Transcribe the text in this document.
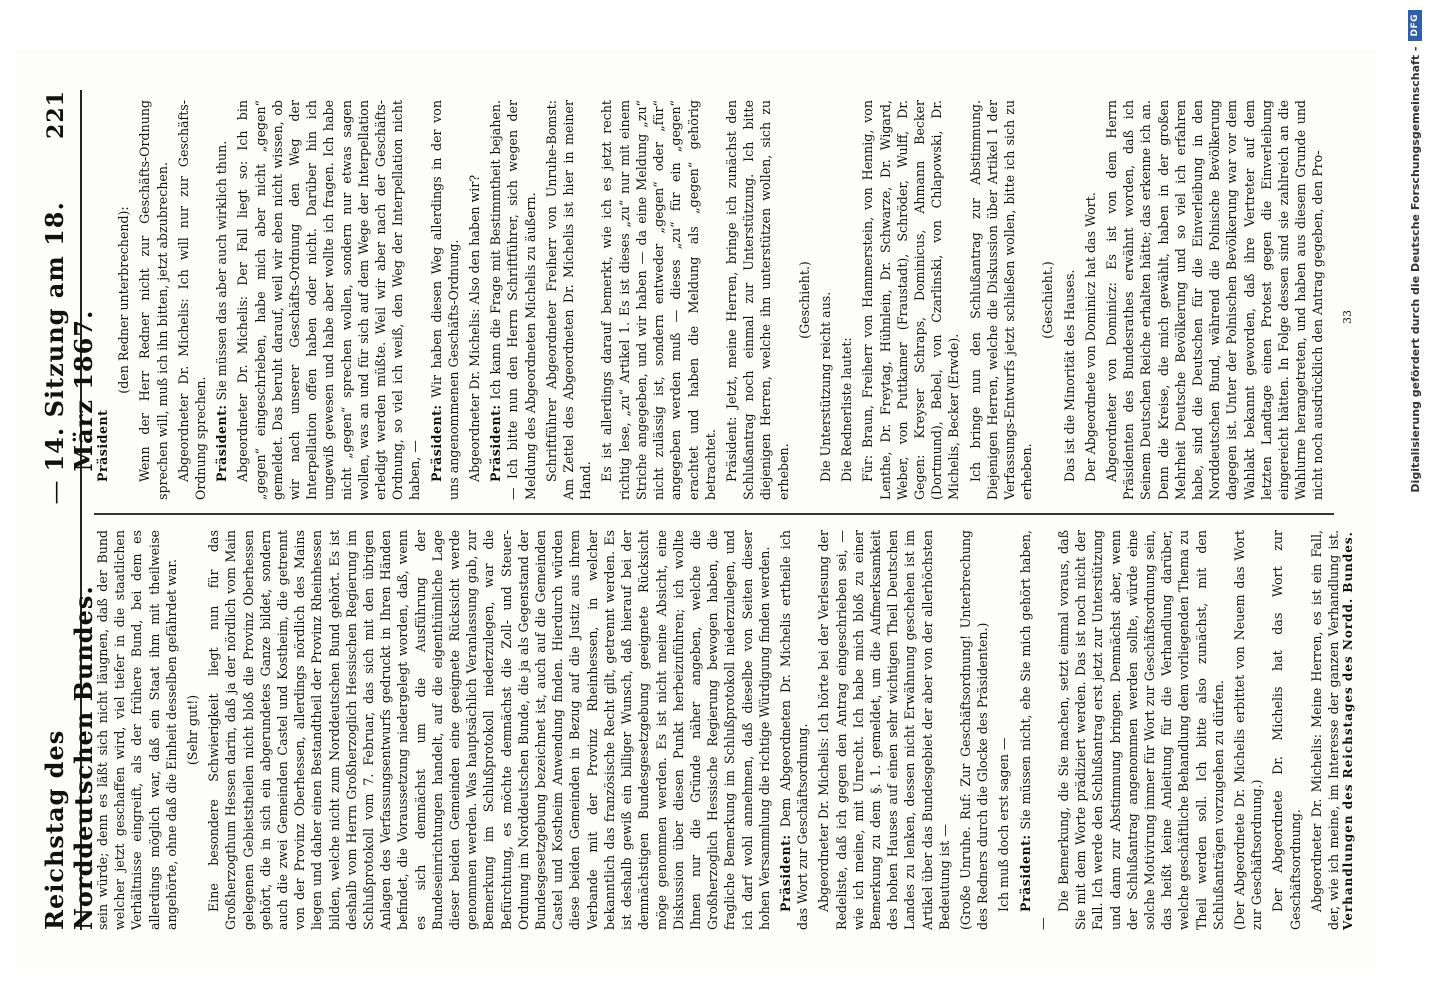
Reichstag des Norddeutschen Bundes.
—
14. Sitzung am 18. März 1867.
221

sein würde; denn es läßt sich nicht läugnen, daß der Bund welcher jetzt geschaffen wird, viel tiefer in die staatlichen Verhältnisse eingreift, als der frühere Bund, bei dem es allerdings möglich war, daß ein Staat ihm mit theilweise angehörte, ohne daß die Einheit desselben gefährdet war. (Sehr gut!) Eine besondere Schwierigkeit liegt nun für das Großherzogthum Hessen darin, daß ja der nördlich vom Main gelegenen Gebietstheilen nicht bloß die Provinz Oberhessen gehört, die in sich ein abgerundetes Ganze bildet, sondern auch die zwei Gemeinden Castel und Kostheim, die getrennt von der Provinz Oberhessen, allerdings nördlich des Mains liegen und daher einen Bestandtheil der Provinz Rheinhessen bilden, welche nicht zum Norddeutschen Bund gehört. Es ist deshalb vom Herrn Großherzoglich Hessischen Regierung im Schlußprotokoll vom 7. Februar, das sich mit den übrigen Anlagen des Verfassungsentwurfs gedruckt in Ihren Händen befindet, die Voraussetzung niedergelegt worden, daß, wenn es sich demnächst um die Ausführung der Bundeseinrichtungen handelt, auf die eigenthümliche Lage dieser beiden Gemeinden eine geeignete Rücksicht werde genommen werden. Was hauptsächlich Veranlassung gab, zur Bemerkung im Schlußprotokoll niederzulegen, war die Befürchtung, es möchte demnächst die Zoll- und Steuer-Ordnung im Norddeutschen Bunde, die ja als Gegenstand der Bundesgesetzgebung bezeichnet ist, auch auf die Gemeinden Castel und Kostheim Anwendung finden. Hierdurch würden diese beiden Gemeinden in Bezug auf die Justiz aus ihrem Verbande mit der Provinz Rheinhessen, in welcher bekanntlich das französische Recht gilt, getrennt werden. Es ist deshalb gewiß ein billiger Wunsch, daß hierauf bei der demnächstigen Bundesgesetzgebung geeignete Rücksicht möge genommen werden. Es ist nicht meine Absicht, eine Diskussion über diesen Punkt herbeizuführen; ich wollte Ihnen nur die Gründe näher angeben, welche die Großherzoglich Hessische Regierung bewogen haben, die fragliche Bemerkung im Schlußprotokoll niederzulegen, und ich darf wohl annehmen, daß dieselbe von Seiten dieser hohen Versammlung die richtige Würdigung finden werden. Präsident: Dem Abgeordneten Dr. Michelis ertheile ich das Wort zur Geschäftsordnung. Abgeordneter Dr. Michelis: Ich hörte bei der Verlesung der Redeliste, daß ich gegen den Antrag eingeschrieben sei, — wie ich meine, mit Unrecht. Ich habe mich bloß zu einer Bemerkung zu dem §. 1. gemeldet, um die Aufmerksamkeit des hohen Hauses auf einen sehr wichtigen Theil Deutschen Landes zu lenken, dessen nicht Erwähnung geschehen ist im Artikel über das Bundesgebiet der aber von der allerhöchsten Bedeutung ist — (Große Unruhe. Ruf: Zur Geschäftsordnung! Unterbrechung des Redners durch die Glocke des Präsidenten.) Ich muß doch erst sagen — Präsident: Sie müssen nicht, ehe Sie mich gehört haben, —

Die Bemerkung, die Sie machen, setzt einmal voraus, daß Sie mit dem Worte prädiziert werden. Das ist noch nicht der Fall. Ich werde den Schlußantrag erst jetzt zur Unterstützung und dann zur Abstimmung bringen. Demnächst aber, wenn der Schlußantrag angenommen werden sollte, würde eine solche Motivirung immer für Wort zur Geschäftsordnung sein, das heißt keine Anleitung für die Verhandlung darüber, welche geschäftliche Behandlung dem vorliegenden Thema zu Theil werden soll. Ich bitte also zunächst, mit den Schlußanträgen vorzugehen zu dürfen. (Der Abgeordnete Dr. Michelis erbittet von Neuem das Wort zur Geschäftsordnung.) Der Abgeordnete Dr. Michelis hat das Wort zur Geschäftsordnung. Abgeordneter Dr. Michelis: Meine Herren, es ist ein Fall, der, wie ich meine, im Interesse der ganzen Verhandlung ist.

Präsident

(den Redner unterbrechend): Wenn der Herr Redner nicht zur Geschäfts-Ordnung sprechen will, muß ich ihn bitten, jetzt abzubrechen. Abgeordneter Dr. Michelis: Ich will nur zur Geschäfts-Ordnung sprechen. Präsident: Sie müssen das aber auch wirklich thun. Abgeordneter Dr. Michelis: Der Fall liegt so: Ich bin „gegen“ eingeschrieben, habe mich aber nicht „gegen“ gemeldet. Das beruht darauf, weil wir eben nicht wissen, ob wir nach unserer Geschäfts-Ordnung den Weg der Interpellation offen haben oder nicht. Darüber hin ich ungewiß gewesen und habe aber wollte ich fragen. Ich habe nicht „gegen“ sprechen wollen, sondern nur etwas sagen wollen, was an und für sich auf dem Wege der Interpellation erledigt werden müßte. Weil wir aber nach der Geschäfts-Ordnung, so viel ich weiß, den Weg der Interpellation nicht haben, — Präsident: Wir haben diesen Weg allerdings in der von uns angenommenen Geschäfts-Ordnung. Abgeordneter Dr. Michelis: Also den haben wir? Präsident: Ich kann die Frage mit Bestimmtheit bejahen. — Ich bitte nun den Herrn Schriftführer, sich wegen der Meldung des Abgeordneten Michelis zu äußern. Schriftführer Abgeordneter Freiherr von Unruhe-Bomst: Am Zettel des Abgeordneten Dr. Michelis ist hier in meiner Hand. Es ist allerdings darauf bemerkt, wie ich es jetzt recht richtig lese, „zu“ Artikel 1. Es ist dieses „zu“ nur mit einem Striche angegeben, und wir haben — da eine Meldung „zu“ nicht zulässig ist, sondern entweder „gegen“ oder „für“ angegeben werden muß — dieses „zu“ für ein „gegen“ erachtet und haben die Meldung als „gegen“ gehörig betrachtet. Präsident: Jetzt, meine Herren, bringe ich zunächst den Schlußantrag noch einmal zur Unterstützung. Ich bitte diejenigen Herren, welche ihn unterstützen wollen, sich zu erheben.

(Geschieht.) Die Unterstützung reicht aus. Die Rednerliste lautet: Für: Braun, Freiherr von Hammerstein, von Hennig, von Lenthe, Dr. Freytag, Hühnlein, Dr. Schwarze, Dr. Wigard, Weber, von Puttkamer (Fraustadt), Schröder, Wulff, Dr. Gegen: Kreyser Schraps, Dominicus, Ahmann Becker (Dortmund), Bebel, von Czarlinski, von Chlapowski, Dr. Michelis, Becker (Erwde). Ich bringe nun den Schlußantrag zur Abstimmung. Diejenigen Herren, welche die Diskussion über Artikel 1 der Verfassungs-Entwurfs jetzt schließen wollen, bitte ich sich zu erheben.

(Geschieht.) Das ist die Minorität des Hauses. Der Abgeordnete von Dominicz hat das Wort. Abgeordneter von Dominicz: Es ist von dem Herrn Präsidenten des Bundesrathes erwähnt worden, daß ich Seinem Deutschen Reiche erhalten hätte; das erkenne ich an. Denn die Kreise, die mich gewählt, haben in der großen Mehrheit Deutsche Bevölkerung und so viel ich erfahren habe, sind die Deutschen für die Einverleibung in den Norddeutschen Bund, während die Polnische Bevölkerung dagegen ist. Unter der Polnischen Bevölkerung war vor dem Wahlakt bekannt geworden, daß ihre Vertreter auf dem letzten Landtage einen Protest gegen die Einverleibung eingereicht hätten. In Folge dessen sind sie zahlreich an die Wahlurne herangetreten, und haben aus diesem Grunde und nicht noch ausdrücklich den Antrag gegeben, den Pro-

Verhandlungen des Reichstages des Nordd. Bundes.
33	Digitalisierung gefördert durch die Deutsche Forschungsgemeinschaft -
DFG
